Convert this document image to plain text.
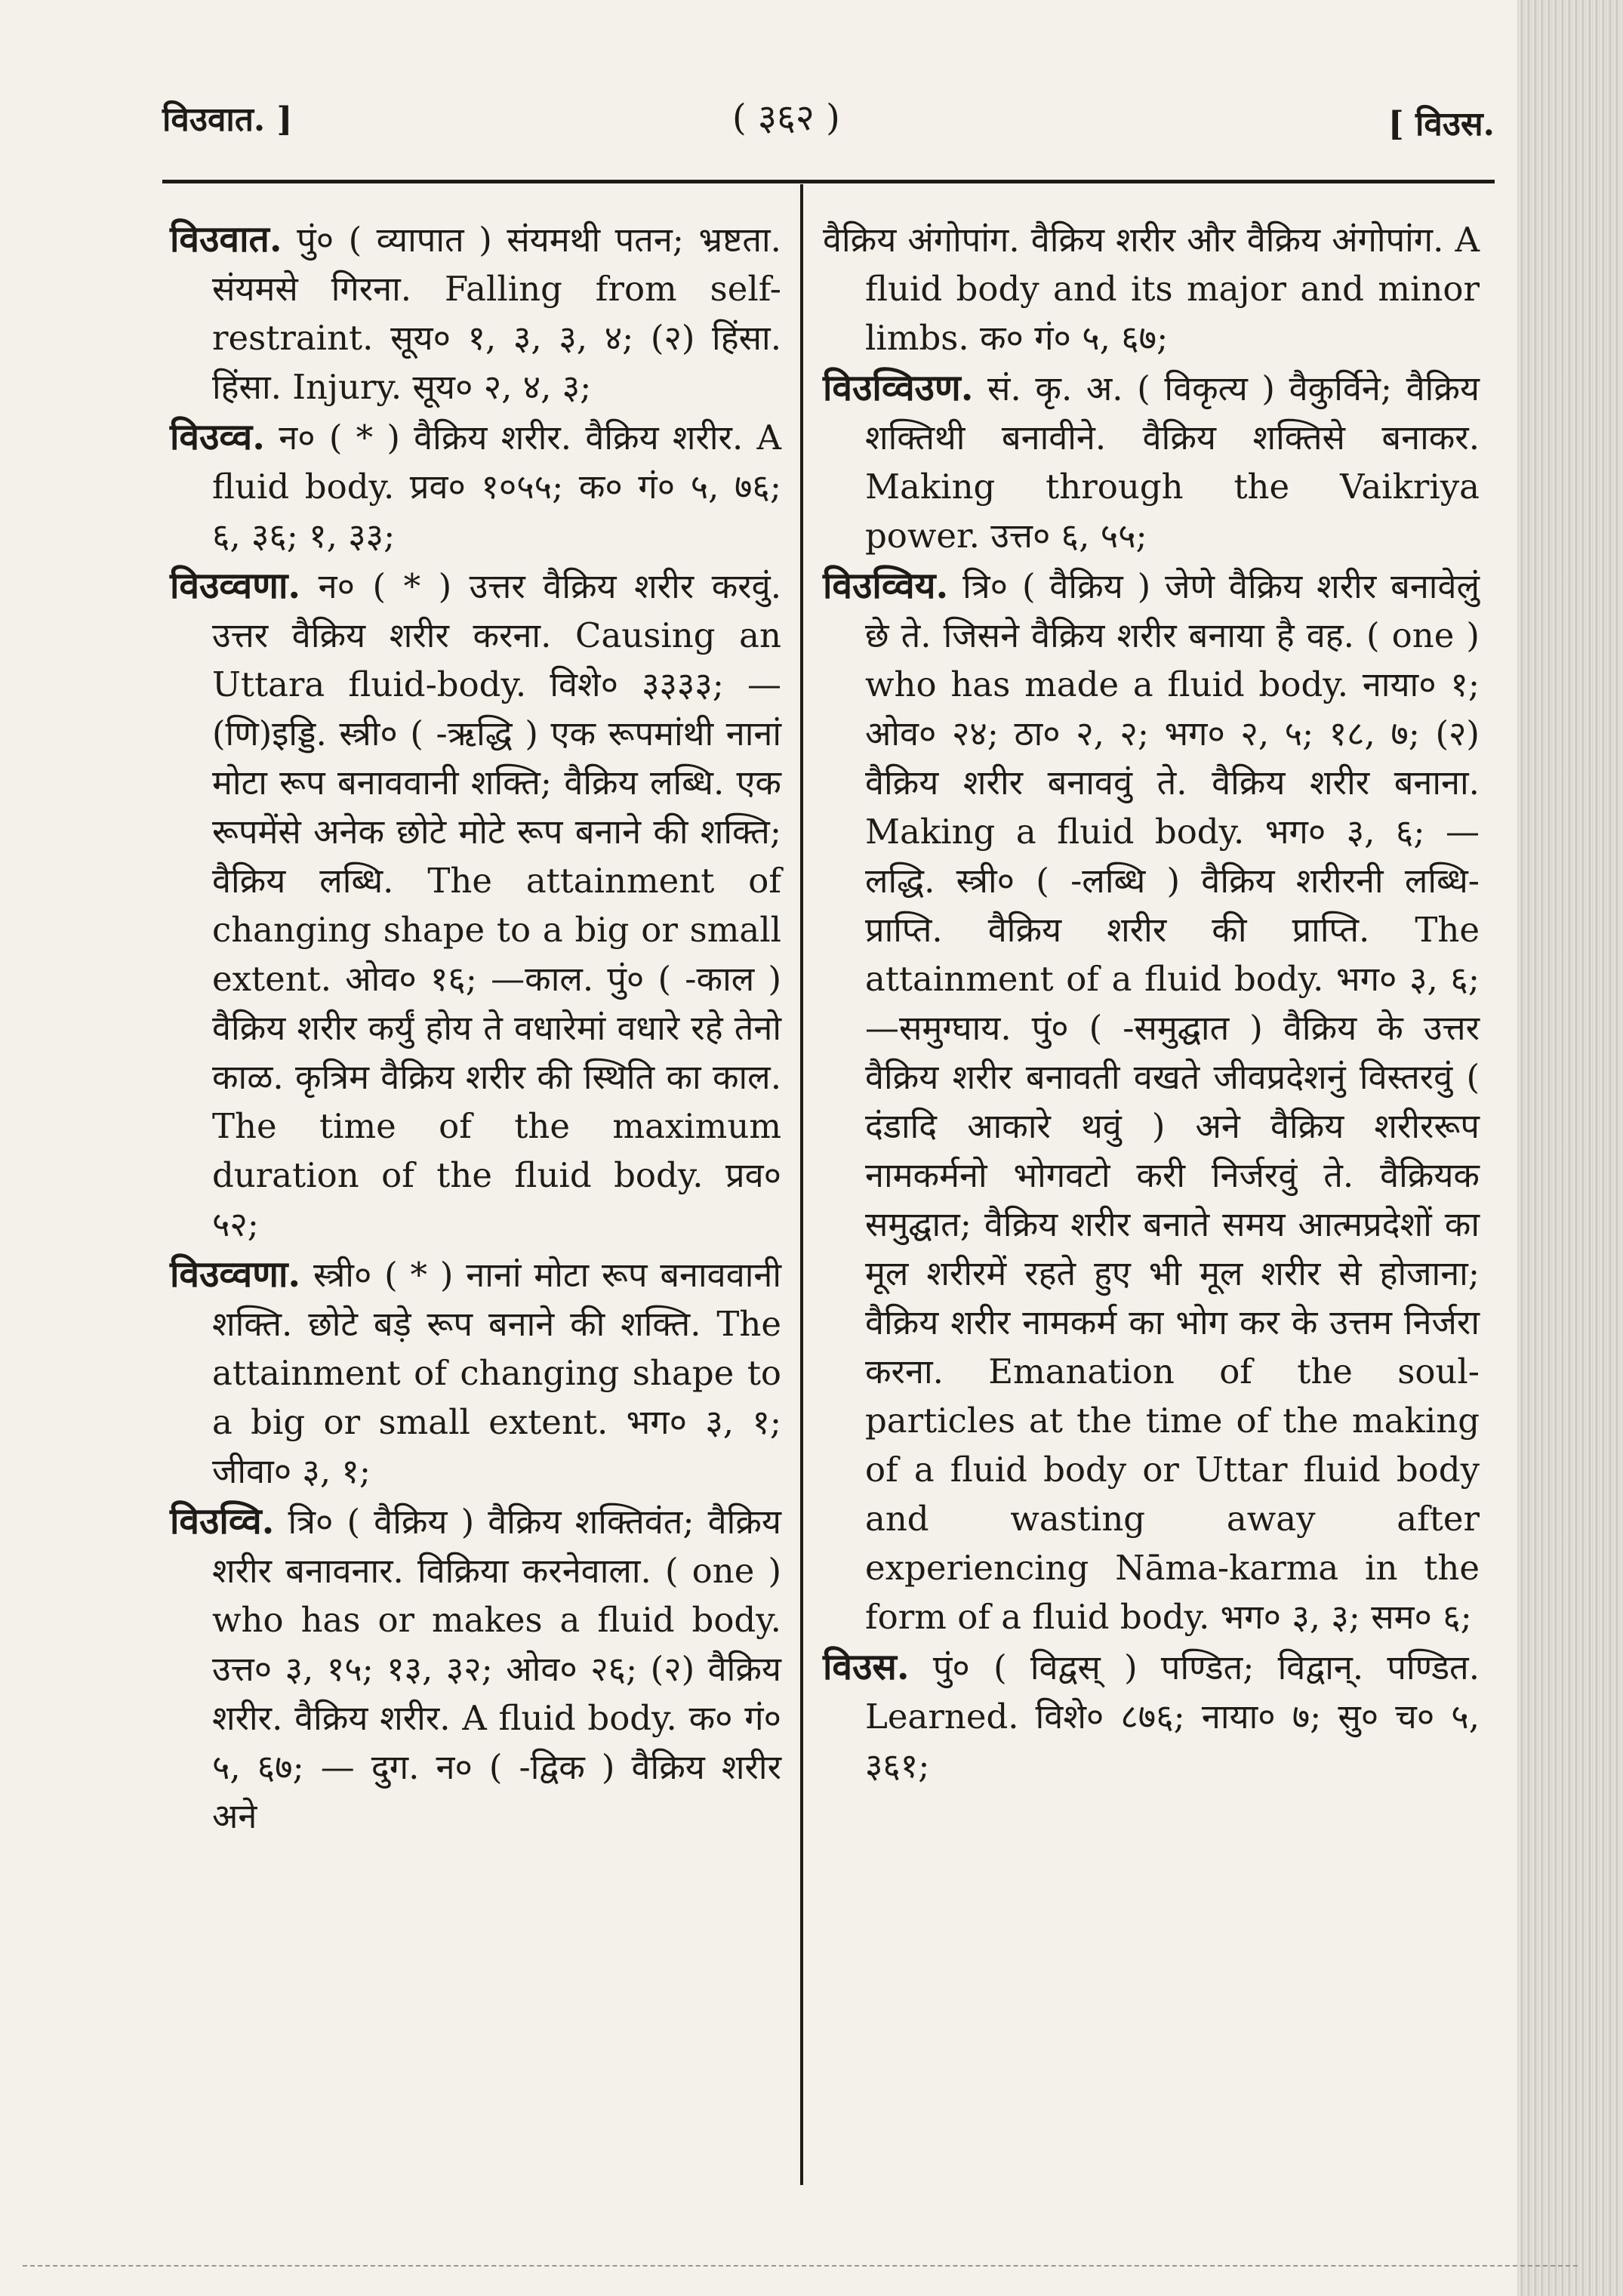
विउवात. ]	( ३६२ )	[ विउस.

विउवात. पुं० ( व्यापात ) संयमथी पतन; भ्रष्टता. संयमसे गिरना. Falling from self-restraint. सूय० १, ३, ३, ४; (२) हिंसा. हिंसा. Injury. सूय० २, ४, ३;

विउव्व. न० ( * ) वैक्रिय शरीर. वैक्रिय शरीर. A fluid body. प्रव० १०५५; क० गं० ५, ७६; ६, ३६; १, ३३;

विउव्वणा. न० ( * ) उत्तर वैक्रिय शरीर करवुं. उत्तर वैक्रिय शरीर करना. Causing an Uttara fluid-body. विशे० ३३३३; — (णि)इड्डि. स्त्री० ( -ऋद्धि ) एक रूपमांथी नानां मोटा रूप बनाववानी शक्ति; वैक्रिय लब्धि. एक रूपमेंसे अनेक छोटे मोटे रूप बनाने की शक्ति; वैक्रिय लब्धि. The attainment of changing shape to a big or small extent. ओव० १६; —काल. पुं० ( -काल ) वैक्रिय शरीर कर्युं होय ते वधारेमां वधारे रहे तेनो काळ. कृत्रिम वैक्रिय शरीर की स्थिति का काल. The time of the maximum duration of the fluid body. प्रव० ५२;

विउव्वणा. स्त्री० ( * ) नानां मोटा रूप बनाववानी शक्ति. छोटे बड़े रूप बनाने की शक्ति. The attainment of changing shape to a big or small extent. भग० ३, १; जीवा० ३, १;

विउव्वि. त्रि० ( वैक्रिय ) वैक्रिय शक्तिवंत; वैक्रिय शरीर बनावनार. विक्रिया करनेवाला. ( one ) who has or makes a fluid body. उत्त० ३, १५; १३, ३२; ओव० २६; (२) वैक्रिय शरीर. वैक्रिय शरीर. A fluid body. क० गं० ५, ६७; — दुग. न० ( -द्विक ) वैक्रिय शरीर अने

वैक्रिय अंगोपांग. वैक्रिय शरीर और वैक्रिय अंगोपांग. A fluid body and its major and minor limbs. क० गं० ५, ६७;

विउव्विउण. सं. कृ. अ. ( विकृत्य ) वैकुर्विने; वैक्रिय शक्तिथी बनावीने. वैक्रिय शक्तिसे बनाकर. Making through the Vaikriya power. उत्त० ६, ५५;

विउव्विय. त्रि० ( वैक्रिय ) जेणे वैक्रिय शरीर बनावेलुं छे ते. जिसने वैक्रिय शरीर बनाया है वह. ( one ) who has made a fluid body. नाया० १; ओव० २४; ठा० २, २; भग० २, ५; १८, ७; (२) वैक्रिय शरीर बनाववुं ते. वैक्रिय शरीर बनाना. Making a fluid body. भग० ३, ६; —लद्धि. स्त्री० ( -लब्धि ) वैक्रिय शरीरनी लब्धि-प्राप्ति. वैक्रिय शरीर की प्राप्ति. The attainment of a fluid body. भग० ३, ६; —समुग्घाय. पुं० ( -समुद्घात ) वैक्रिय के उत्तर वैक्रिय शरीर बनावती वखते जीवप्रदेशनुं विस्तरवुं ( दंडादि आकारे थवुं ) अने वैक्रिय शरीररूप नामकर्मनो भोगवटो करी निर्जरवुं ते. वैक्रियक समुद्घात; वैक्रिय शरीर बनाते समय आत्मप्रदेशों का मूल शरीरमें रहते हुए भी मूल शरीर से होजाना; वैक्रिय शरीर नामकर्म का भोग कर के उत्तम निर्जरा करना. Emanation of the soul-particles at the time of the making of a fluid body or Uttar fluid body and wasting away after experiencing Nāma-karma in the form of a fluid body. भग० ३, ३; सम० ६;

विउस. पुं० ( विद्वस् ) पण्डित; विद्वान्. पण्डित. Learned. विशे० ८७६; नाया० ७; सु० च० ५, ३६१;
